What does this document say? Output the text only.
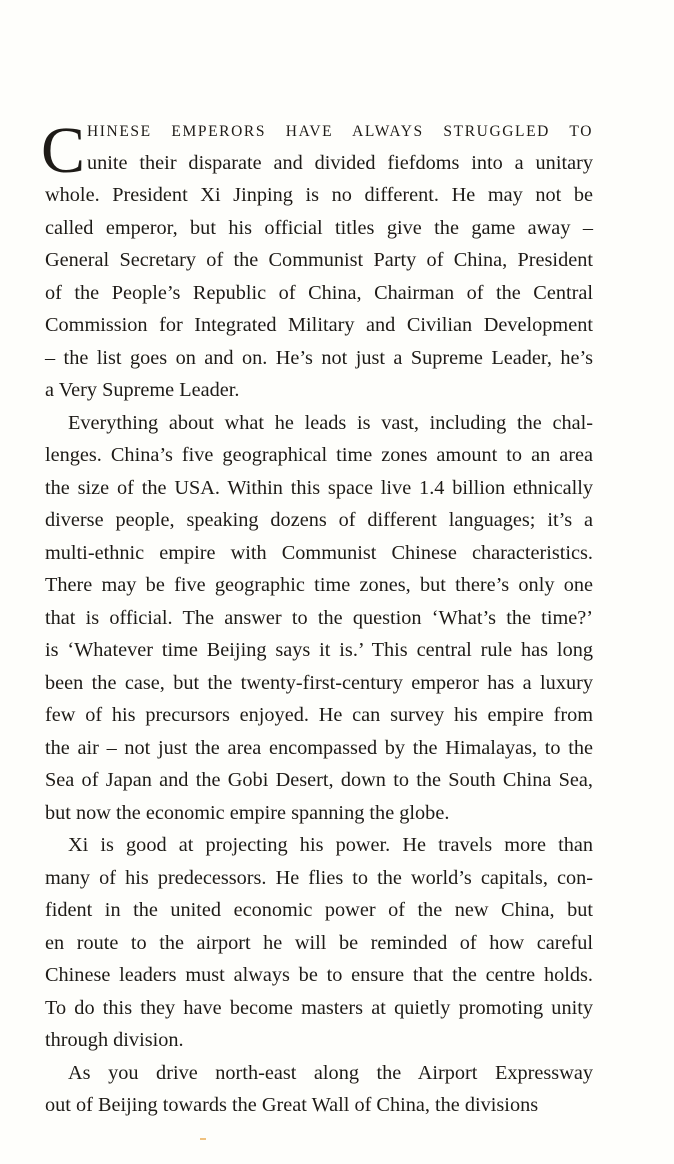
C HINESE EMPERORS HAVE ALWAYS STRUGGLED TO
unite their disparate and divided fiefdoms into a unitary
whole. President Xi Jinping is no different. He may not be
called emperor, but his official titles give the game away –
General Secretary of the Communist Party of China, President
of the People’s Republic of China, Chairman of the Central
Commission for Integrated Military and Civilian Development
– the list goes on and on. He’s not just a Supreme Leader, he’s
a Very Supreme Leader.
Everything about what he leads is vast, including the chal-
lenges. China’s five geographical time zones amount to an area
the size of the USA. Within this space live 1.4 billion ethnically
diverse people, speaking dozens of different languages; it’s a
multi-ethnic empire with Communist Chinese characteristics.
There may be five geographic time zones, but there’s only one
that is official. The answer to the question ‘What’s the time?’
is ‘Whatever time Beijing says it is.’ This central rule has long
been the case, but the twenty-first-century emperor has a luxury
few of his precursors enjoyed. He can survey his empire from
the air – not just the area encompassed by the Himalayas, to the
Sea of Japan and the Gobi Desert, down to the South China Sea,
but now the economic empire spanning the globe.
Xi is good at projecting his power. He travels more than
many of his predecessors. He flies to the world’s capitals, con-
fident in the united economic power of the new China, but
en route to the airport he will be reminded of how careful
Chinese leaders must always be to ensure that the centre holds.
To do this they have become masters at quietly promoting unity
through division.
As you drive north-east along the Airport Expressway
out of Beijing towards the Great Wall of China, the divisions
